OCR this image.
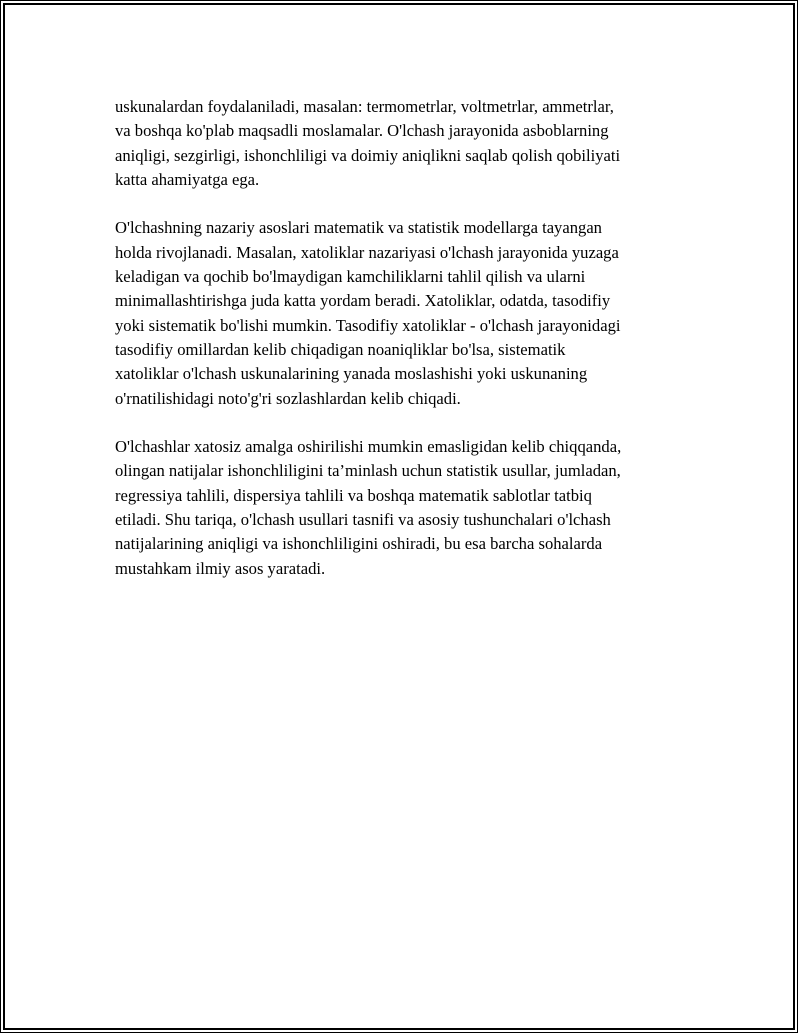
uskunalardan foydalaniladi, masalan: termometrlar, voltmetrlar, ammetrlar,
va boshqa ko'plab maqsadli moslamalar. O'lchash jarayonida asboblarning
aniqligi, sezgirligi, ishonchliligi va doimiy aniqlikni saqlab qolish qobiliyati
katta ahamiyatga ega.

O'lchashning nazariy asoslari matematik va statistik modellarga tayangan
holda rivojlanadi. Masalan, xatoliklar nazariyasi o'lchash jarayonida yuzaga
keladigan va qochib bo'lmaydigan kamchiliklarni tahlil qilish va ularni
minimallashtirishga juda katta yordam beradi. Xatoliklar, odatda, tasodifiy
yoki sistematik bo'lishi mumkin. Tasodifiy xatoliklar - o'lchash jarayonidagi
tasodifiy omillardan kelib chiqadigan noaniqliklar bo'lsa, sistematik
xatoliklar o'lchash uskunalarining yanada moslashishi yoki uskunaning
o'rnatilishidagi noto'g'ri sozlashlardan kelib chiqadi.

O'lchashlar xatosiz amalga oshirilishi mumkin emasligidan kelib chiqqanda,
olingan natijalar ishonchliligini ta’minlash uchun statistik usullar, jumladan,
regressiya tahlili, dispersiya tahlili va boshqa matematik sablotlar tatbiq
etiladi. Shu tariqa, o'lchash usullari tasnifi va asosiy tushunchalari o'lchash
natijalarining aniqligi va ishonchliligini oshiradi, bu esa barcha sohalarda
mustahkam ilmiy asos yaratadi.
